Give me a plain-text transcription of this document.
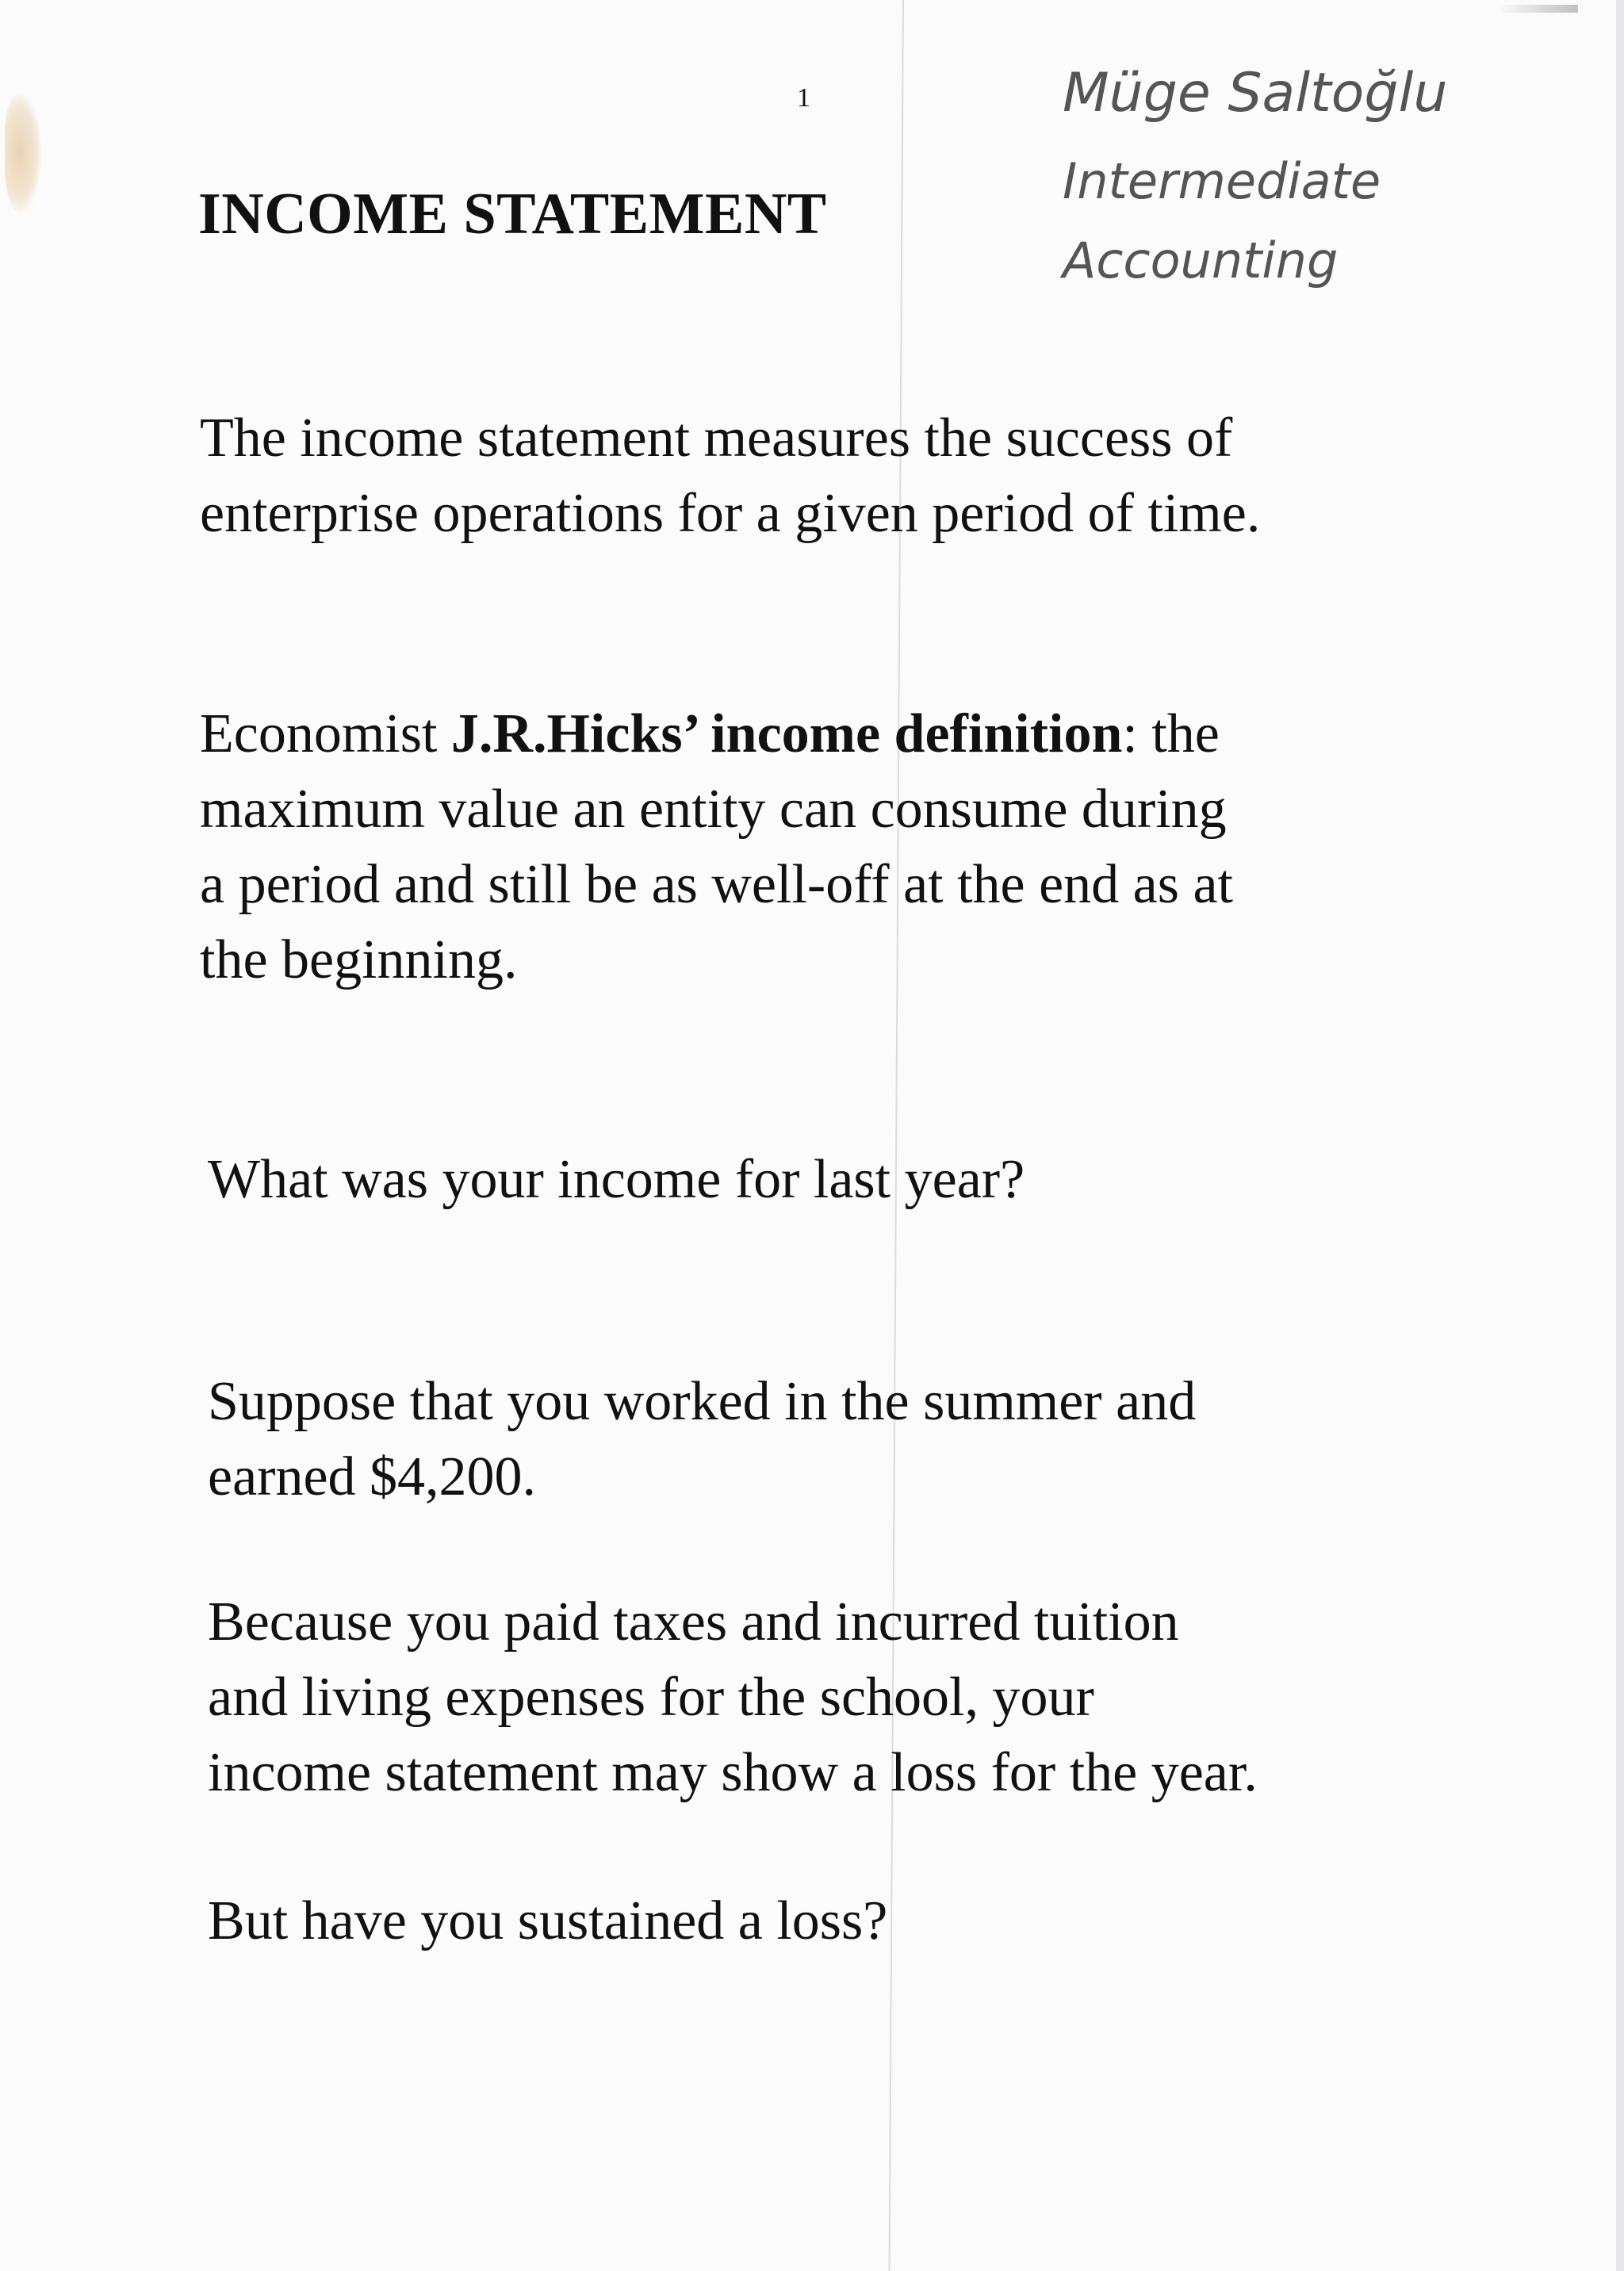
1
INCOME STATEMENT
Müge Saltoğlu
Intermediate
Accounting

The income statement measures the success of

enterprise operations for a given period of time.

Economist J.R.Hicks’ income definition: the

maximum value an entity can consume during

a period and still be as well-off at the end as at

the beginning.

What was your income for last year?

Suppose that you worked in the summer and

earned $4,200.

Because you paid taxes and incurred tuition

and living expenses for the school, your

income statement may show a loss for the year.

But have you sustained a loss?
